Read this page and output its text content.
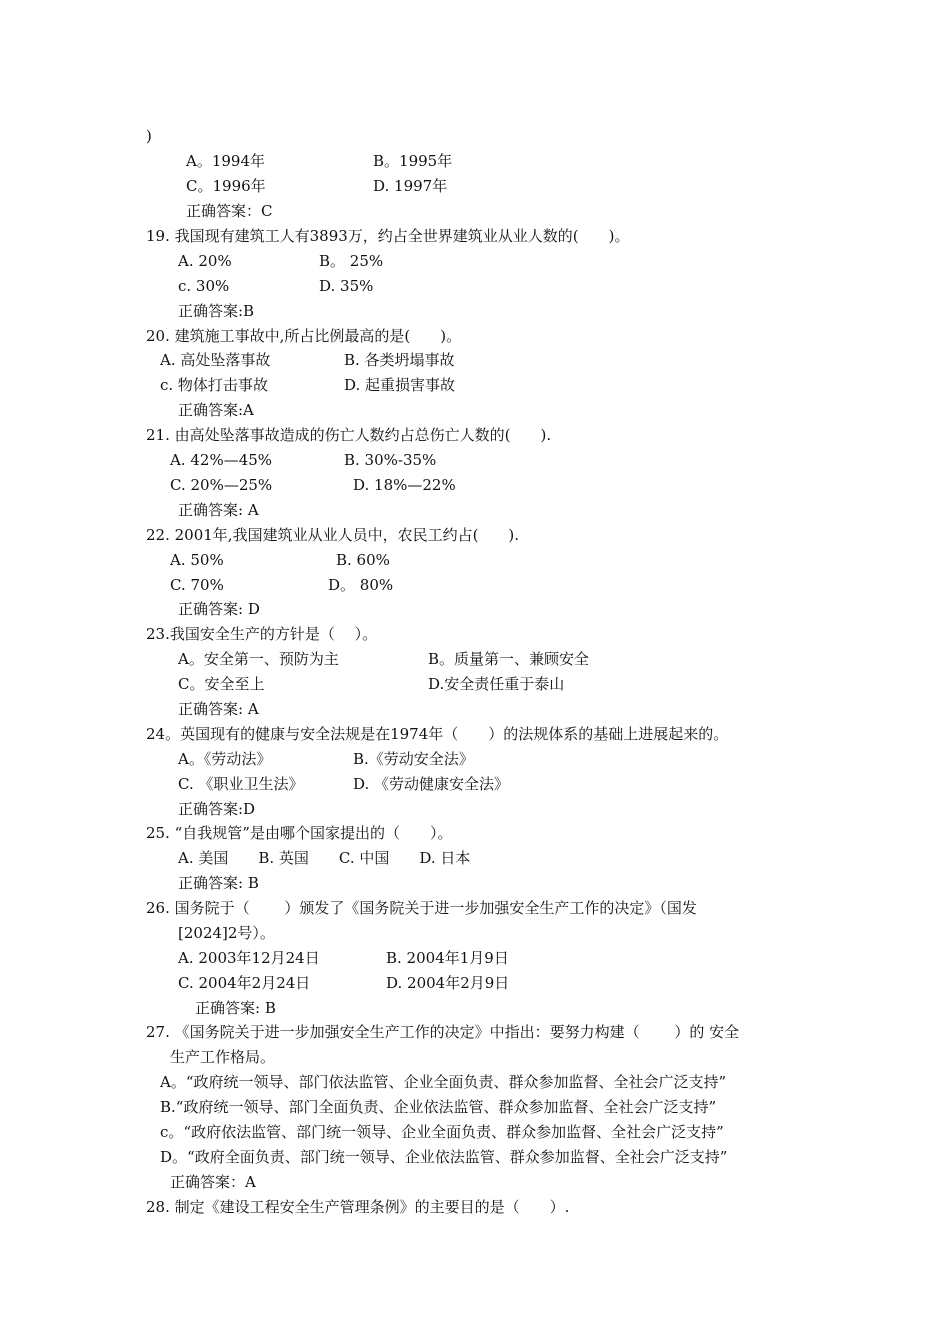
)
A。1994年	B。1995年
C。1996年	D. 1997年
正确答案：C
19. 我国现有建筑工人有3893万，约占全世界建筑业从业人数的(　　)。
A. 20%	B。 25%
c. 30%	D. 35%
正确答案:B
20. 建筑施工事故中,所占比例最高的是(　　)。
A. 高处坠落事故	B. 各类坍塌事故
c. 物体打击事故	D. 起重损害事故
正确答案:A
21. 由高处坠落事故造成的伤亡人数约占总伤亡人数的(　　).
A. 42%—45%	B. 30%-35%
C. 20%—25%	D. 18%—22%
正确答案: A
22. 2001年,我国建筑业从业人员中，农民工约占(　　).
A. 50%	B. 60%
C. 70%	D。 80%
正确答案: D
23.我国安全生产的方针是（　 ）。
A。安全第一、预防为主	B。质量第一、兼顾安全
C。安全至上	D.安全责任重于泰山
正确答案: A
24。英国现有的健康与安全法规是在1974年（　　）的法规体系的基础上进展起来的。
A。《劳动法》	B.《劳动安全法》
C. 《职业卫生法》	D. 《劳动健康安全法》
正确答案:D
25. “自我规管”是由哪个国家提出的（　　）。
A. 美国　　B. 英国　　C. 中国　　D. 日本
正确答案: B
26. 国务院于（　　 ）颁发了《国务院关于进一步加强安全生产工作的决定》（国发
[2024]2号）。
A. 2003年12月24日	B. 2004年1月9日
C. 2004年2月24日	D. 2004年2月9日
正确答案: B
27. 《国务院关于进一步加强安全生产工作的决定》中指出：要努力构建（　　 ）的 安全
生产工作格局。
A。“政府统一领导、部门依法监管、企业全面负责、群众参加监督、全社会广泛支持”
B.“政府统一领导、部门全面负责、企业依法监管、群众参加监督、全社会广泛支持”
c。“政府依法监管、部门统一领导、企业全面负责、群众参加监督、全社会广泛支持”
D。“政府全面负责、部门统一领导、企业依法监管、群众参加监督、全社会广泛支持”
正确答案：A
28. 制定《建设工程安全生产管理条例》的主要目的是（　　）.
